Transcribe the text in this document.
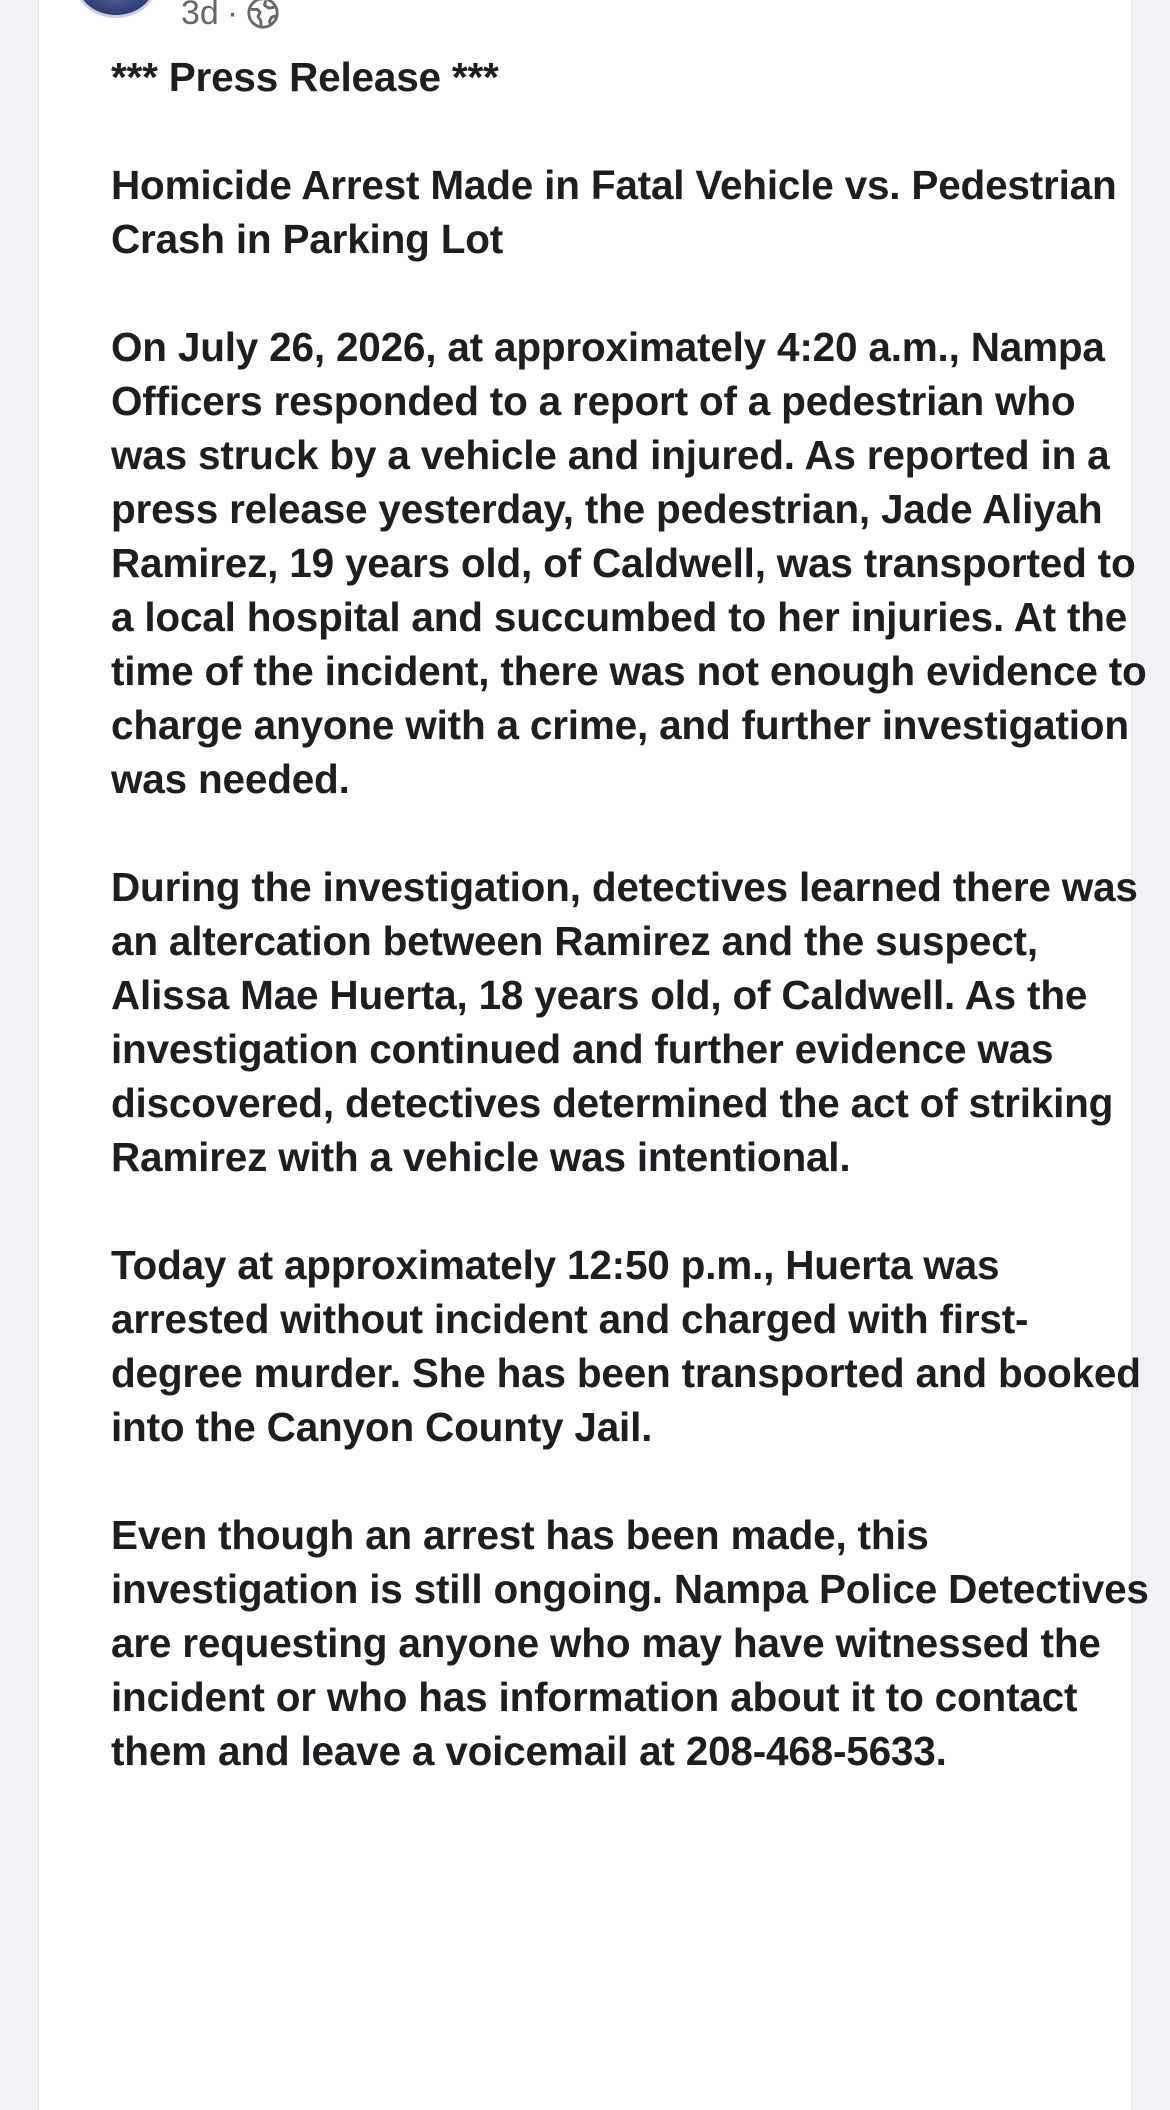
3d ·

*** Press Release ***

Homicide Arrest Made in Fatal Vehicle vs. Pedestrian Crash in Parking Lot

On July 26, 2026, at approximately 4:20 a.m., Nampa Officers responded to a report of a pedestrian who was struck by a vehicle and injured. As reported in a press release yesterday, the pedestrian, Jade Aliyah Ramirez, 19 years old, of Caldwell, was transported to a local hospital and succumbed to her injuries. At the time of the incident, there was not enough evidence to charge anyone with a crime, and further investigation was needed.

During the investigation, detectives learned there was an altercation between Ramirez and the suspect, Alissa Mae Huerta, 18 years old, of Caldwell. As the investigation continued and further evidence was discovered, detectives determined the act of striking Ramirez with a vehicle was intentional.

Today at approximately 12:50 p.m., Huerta was arrested without incident and charged with first-degree murder. She has been transported and booked into the Canyon County Jail.

Even though an arrest has been made, this investigation is still ongoing. Nampa Police Detectives are requesting anyone who may have witnessed the incident or who has information about it to contact them and leave a voicemail at 208-468-5633.
